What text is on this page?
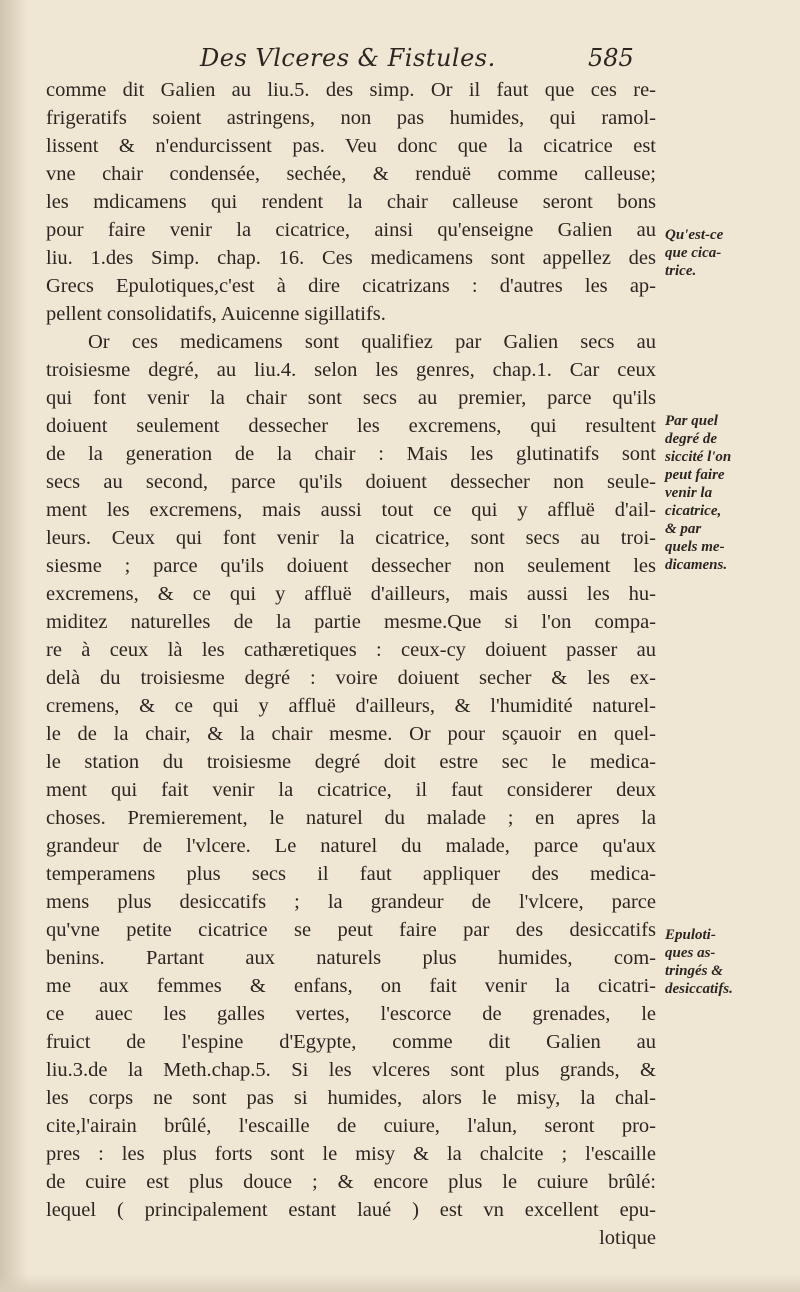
Des Vlceres & Fistules.	585
comme dit Galien au liu.5. des simp. Or il faut que ces re-
frigeratifs soient astringens, non pas humides, qui ramol-
lissent & n'endurcissent pas. Veu donc que la cicatrice est
vne chair condensée, sechée, & renduë comme calleuse;
les mdicamens qui rendent la chair calleuse seront bons
pour faire venir la cicatrice, ainsi qu'enseigne Galien au
liu. 1.des Simp. chap. 16. Ces medicamens sont appellez des
Grecs Epulotiques,c'est à dire cicatrizans : d'autres les ap-
pellent consolidatifs, Auicenne sigillatifs.
Or ces medicamens sont qualifiez par Galien secs au
troisiesme degré, au liu.4. selon les genres, chap.1. Car ceux
qui font venir la chair sont secs au premier, parce qu'ils
doiuent seulement dessecher les excremens, qui resultent
de la generation de la chair : Mais les glutinatifs sont
secs au second, parce qu'ils doiuent dessecher non seule-
ment les excremens, mais aussi tout ce qui y affluë d'ail-
leurs. Ceux qui font venir la cicatrice, sont secs au troi-
siesme ; parce qu'ils doiuent dessecher non seulement les
excremens, & ce qui y affluë d'ailleurs, mais aussi les hu-
miditez naturelles de la partie mesme.Que si l'on compa-
re à ceux là les cathæretiques : ceux-cy doiuent passer au
delà du troisiesme degré : voire doiuent secher & les ex-
cremens, & ce qui y affluë d'ailleurs, & l'humidité naturel-
le de la chair, & la chair mesme. Or pour sçauoir en quel-
le station du troisiesme degré doit estre sec le medica-
ment qui fait venir la cicatrice, il faut considerer deux
choses. Premierement, le naturel du malade ; en apres la
grandeur de l'vlcere. Le naturel du malade, parce qu'aux
temperamens plus secs il faut appliquer des medica-
mens plus desiccatifs ; la grandeur de l'vlcere, parce
qu'vne petite cicatrice se peut faire par des desiccatifs
benins. Partant aux naturels plus humides, com-
me aux femmes & enfans, on fait venir la cicatri-
ce auec les galles vertes, l'escorce de grenades, le
fruict de l'espine d'Egypte, comme dit Galien au
liu.3.de la Meth.chap.5. Si les vlceres sont plus grands, &
les corps ne sont pas si humides, alors le misy, la chal-
cite,l'airain brûlé, l'escaille de cuiure, l'alun, seront pro-
pres : les plus forts sont le misy & la chalcite ; l'escaille
de cuire est plus douce ; & encore plus le cuiure brûlé:
lequel ( principalement estant laué ) est vn excellent epu-
lotique
Qu'est-ce
que cica-
trice.
Par quel
degré de
siccité l'on
peut faire
venir la
cicatrice,
& par
quels me-
dicamens.
Epuloti-
ques as-
tringés &
desiccatifs.
